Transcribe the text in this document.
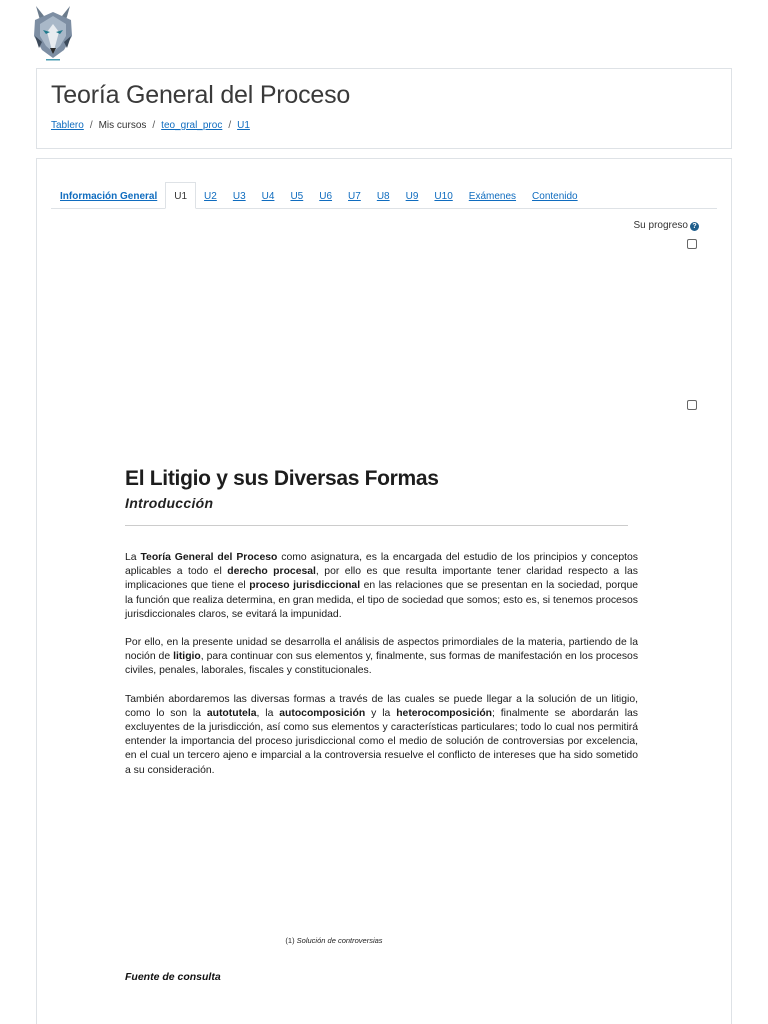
Teoría General del Proceso
Tablero / Mis cursos / teo_gral_proc / U1
Información General	U1	U2	U3	U4	U5	U6	U7	U8	U9	U10	Exámenes	Contenido
Su progreso ?
El Litigio y sus Diversas Formas
Introducción

La Teoría General del Proceso como asignatura, es la encargada del estudio de los principios y conceptos aplicables a todo el derecho procesal, por ello es que resulta importante tener claridad respecto a las implicaciones que tiene el proceso jurisdiccional en las relaciones que se presentan en la sociedad, porque la función que realiza determina, en gran medida, el tipo de sociedad que somos; esto es, si tenemos procesos jurisdiccionales claros, se evitará la impunidad.

Por ello, en la presente unidad se desarrolla el análisis de aspectos primordiales de la materia, partiendo de la noción de litigio, para continuar con sus elementos y, finalmente, sus formas de manifestación en los procesos civiles, penales, laborales, fiscales y constitucionales.

También abordaremos las diversas formas a través de las cuales se puede llegar a la solución de un litigio, como lo son la autotutela, la autocomposición y la heterocomposición; finalmente se abordarán las excluyentes de la jurisdicción, así como sus elementos y características particulares; todo lo cual nos permitirá entender la importancia del proceso jurisdiccional como el medio de solución de controversias por excelencia, en el cual un tercero ajeno e imparcial a la controversia resuelve el conflicto de intereses que ha sido sometido a su consideración.

(1) Solución de controversias
Fuente de consulta
